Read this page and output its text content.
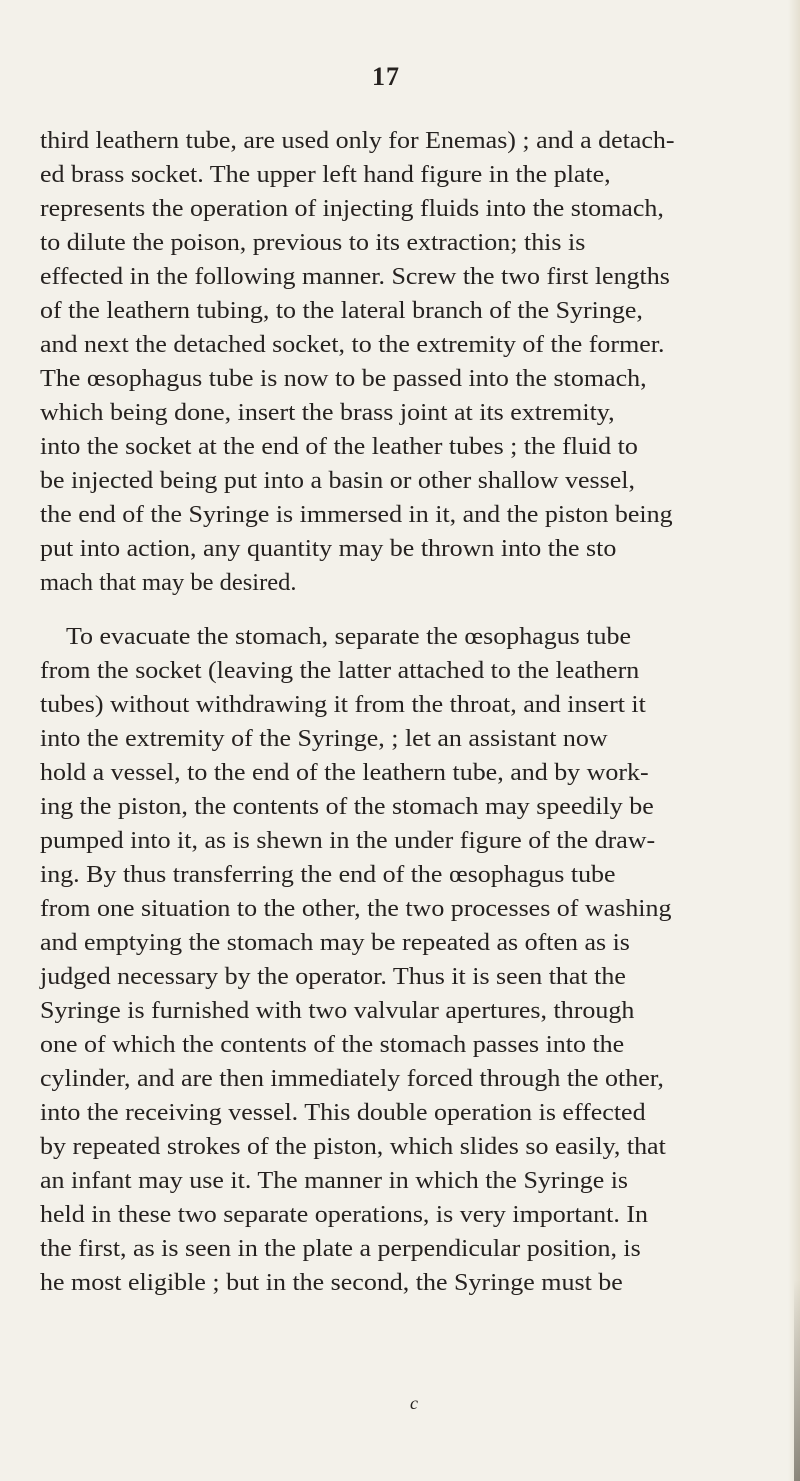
17
third leathern tube, are used only for Enemas) ; and a detach-
ed brass socket. The upper left hand figure in the plate,
represents the operation of injecting fluids into the stomach,
to dilute the poison, previous to its extraction; this is
effected in the following manner. Screw the two first lengths
of the leathern tubing, to the lateral branch of the Syringe,
and next the detached socket, to the extremity of the former.
The œsophagus tube is now to be passed into the stomach,
which being done, insert the brass joint at its extremity,
into the socket at the end of the leather tubes ; the fluid to
be injected being put into a basin or other shallow vessel,
the end of the Syringe is immersed in it, and the piston being
put into action, any quantity may be thrown into the sto
mach that may be desired.
To evacuate the stomach, separate the œsophagus tube
from the socket (leaving the latter attached to the leathern
tubes) without withdrawing it from the throat, and insert it
into the extremity of the Syringe, ; let an assistant now
hold a vessel, to the end of the leathern tube, and by work-
ing the piston, the contents of the stomach may speedily be
pumped into it, as is shewn in the under figure of the draw-
ing. By thus transferring the end of the œsophagus tube
from one situation to the other, the two processes of washing
and emptying the stomach may be repeated as often as is
judged necessary by the operator. Thus it is seen that the
Syringe is furnished with two valvular apertures, through
one of which the contents of the stomach passes into the
cylinder, and are then immediately forced through the other,
into the receiving vessel. This double operation is effected
by repeated strokes of the piston, which slides so easily, that
an infant may use it. The manner in which the Syringe is
held in these two separate operations, is very important. In
the first, as is seen in the plate a perpendicular position, is
he most eligible ; but in the second, the Syringe must be
c
